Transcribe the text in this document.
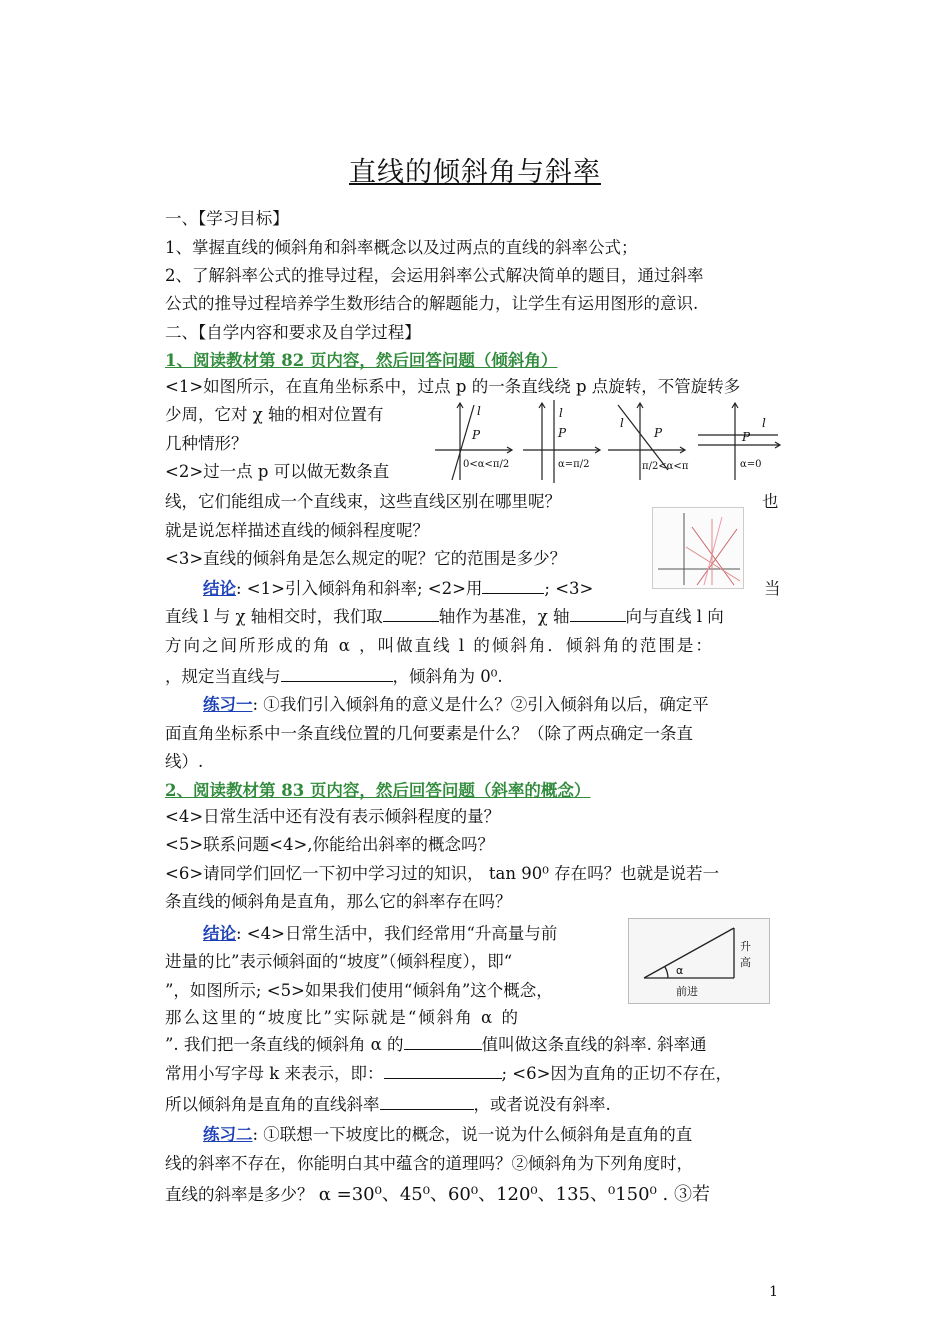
直线的倾斜角与斜率
一、【学习目标】
1、掌握直线的倾斜角和斜率概念以及过两点的直线的斜率公式；
2、了解斜率公式的推导过程，会运用斜率公式解决简单的题目，通过斜率
公式的推导过程培养学生数形结合的解题能力，让学生有运用图形的意识.
二、【自学内容和要求及自学过程】
1、阅读教材第 82 页内容，然后回答问题（倾斜角）
<1>如图所示，在直角坐标系中，过点 p 的一条直线绕 p 点旋转，不管旋转多
少周，它对 χ 轴的相对位置有
几种情形？
<2>过一点 p 可以做无数条直
l
P
0<α<π/2
l
P
α=π/2
l
P
π/2<α<π
l
P
α=0
线，它们能组成一个直线束，这些直线区别在哪里呢？	也
就是说怎样描述直线的倾斜程度呢？
<3>直线的倾斜角是怎么规定的呢？它的范围是多少？
结论: <1>引入倾斜角和斜率; <2>用	; <3>	当
直线 l 与 χ 轴相交时，我们取	轴作为基准，χ 轴	向与直线 l 向
方向之间所形成的角 α ，叫做直线 l 的倾斜角．倾斜角的范围是：
，规定当直线与	，倾斜角为 0⁰.
练习一: ①我们引入倾斜角的意义是什么？②引入倾斜角以后，确定平
面直角坐标系中一条直线位置的几何要素是什么？（除了两点确定一条直
线）.
2、阅读教材第 83 页内容，然后回答问题（斜率的概念）
<4>日常生活中还有没有表示倾斜程度的量？
<5>联系问题<4>,你能给出斜率的概念吗？
<6>请同学们回忆一下初中学习过的知识， tan 90⁰ 存在吗？也就是说若一
条直线的倾斜角是直角，那么它的斜率存在吗？
α
升
高
前进
结论: <4>日常生活中，我们经常用“升高量与前
进量的比”表示倾斜面的“坡度”（倾斜程度），即“
”，如图所示; <5>如果我们使用“倾斜角”这个概念，
那么这里的“坡度比”实际就是“倾斜角 α 的
”. 我们把一条直线的倾斜角 α 的	值叫做这条直线的斜率. 斜率通
常用小写字母 k 来表示，即：	; <6>因为直角的正切不存在，
所以倾斜角是直角的直线斜率	，或者说没有斜率.
练习二: ①联想一下坡度比的概念，说一说为什么倾斜角是直角的直
线的斜率不存在，你能明白其中蕴含的道理吗？②倾斜角为下列角度时，
直线的斜率是多少？ α =30⁰、45⁰、60⁰、120⁰、135、⁰150⁰ . ③若
1
